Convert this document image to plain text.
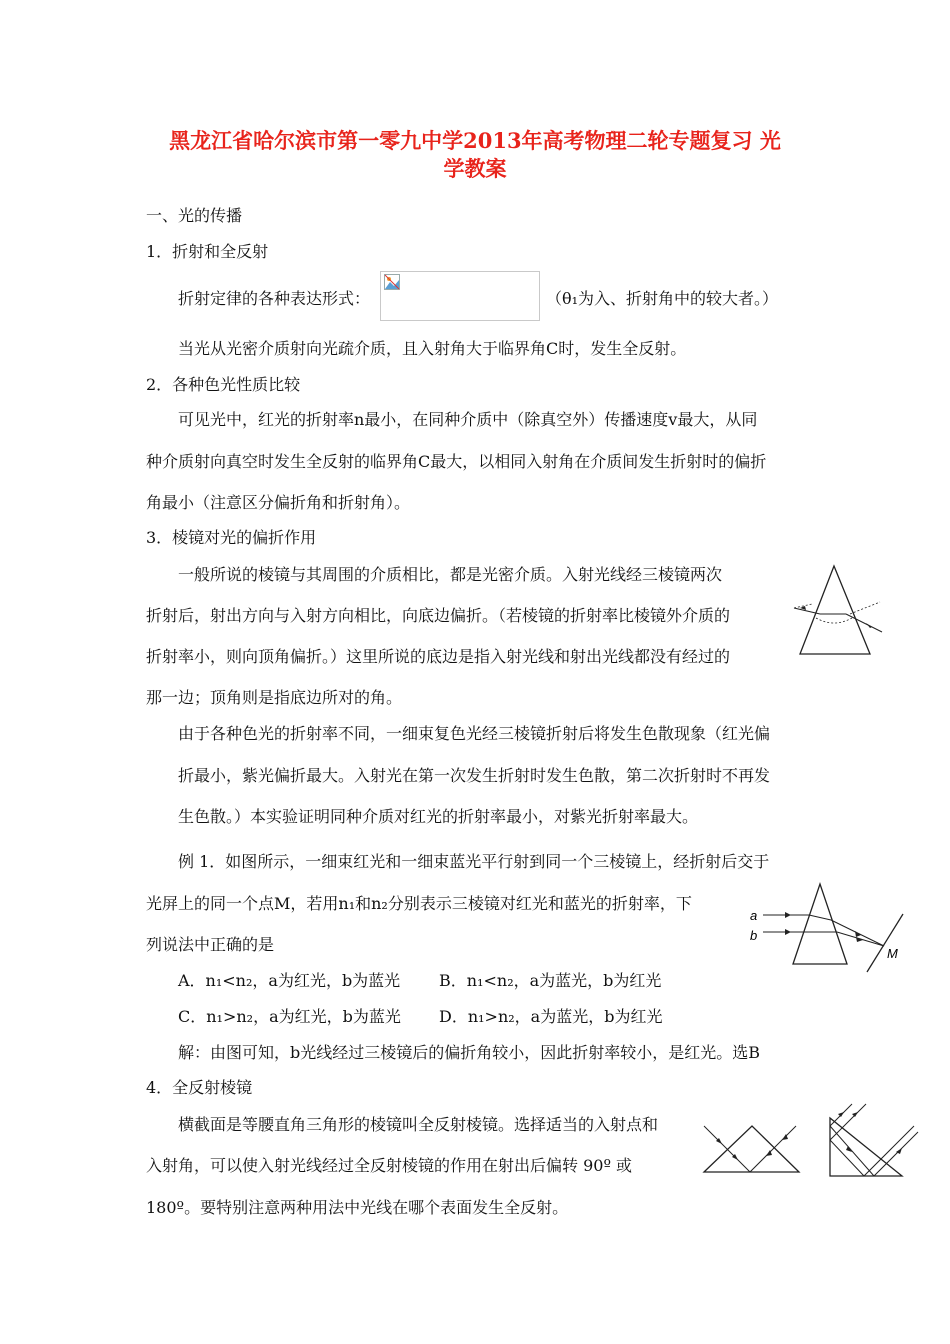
黑龙江省哈尔滨市第一零九中学2013年高考物理二轮专题复习 光
学教案
一、光的传播
1．折射和全反射
折射定律的各种表达形式：	（θ₁为入、折射角中的较大者。）
当光从光密介质射向光疏介质，且入射角大于临界角C时，发生全反射。
2．各种色光性质比较
可见光中，红光的折射率n最小，在同种介质中（除真空外）传播速度v最大，从同
种介质射向真空时发生全反射的临界角C最大，以相同入射角在介质间发生折射时的偏折
角最小（注意区分偏折角和折射角）。
3．棱镜对光的偏折作用
一般所说的棱镜与其周围的介质相比，都是光密介质。入射光线经三棱镜两次
折射后，射出方向与入射方向相比，向底边偏折。（若棱镜的折射率比棱镜外介质的
折射率小，则向顶角偏折。）这里所说的底边是指入射光线和射出光线都没有经过的
那一边；顶角则是指底边所对的角。
由于各种色光的折射率不同，一细束复色光经三棱镜折射后将发生色散现象（红光偏
折最小，紫光偏折最大。入射光在第一次发生折射时发生色散，第二次折射时不再发
生色散。）本实验证明同种介质对红光的折射率最小，对紫光折射率最大。
例 1．如图所示，一细束红光和一细束蓝光平行射到同一个三棱镜上，经折射后交于
光屏上的同一个点M，若用n₁和n₂分别表示三棱镜对红光和蓝光的折射率，下
列说法中正确的是
a
b
M
A．n₁<n₂，a为红光，b为蓝光 B．n₁<n₂，a为蓝光，b为红光
C．n₁>n₂，a为红光，b为蓝光 D．n₁>n₂，a为蓝光，b为红光
解：由图可知，b光线经过三棱镜后的偏折角较小，因此折射率较小，是红光。选B
4．全反射棱镜
横截面是等腰直角三角形的棱镜叫全反射棱镜。选择适当的入射点和
入射角，可以使入射光线经过全反射棱镜的作用在射出后偏转 90º 或
180º。要特别注意两种用法中光线在哪个表面发生全反射。
